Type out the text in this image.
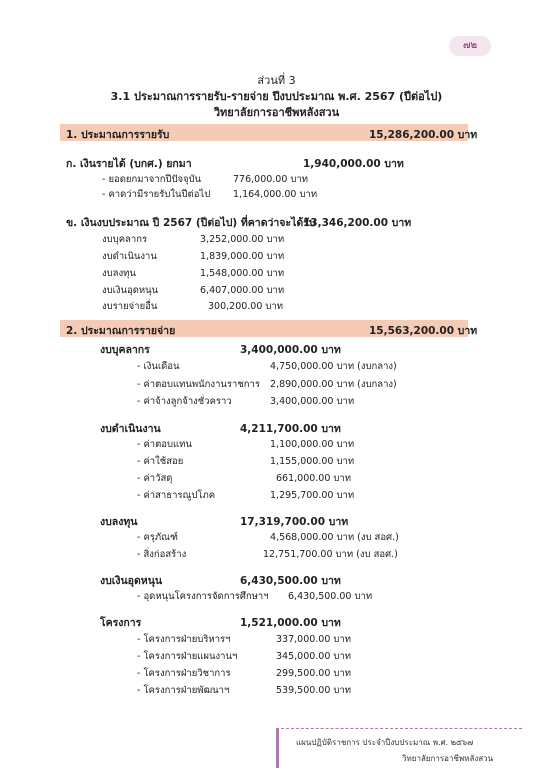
๗๒
ส่วนที่ 3
3.1 ประมาณการรายรับ-รายจ่าย ปีงบประมาณ พ.ศ. 2567 (ปีต่อไป)
วิทยาลัยการอาชีพหลังสวน
1. ประมาณการรายรับ	15,286,200.00 บาท
ก. เงินรายได้ (บกศ.) ยกมา	1,940,000.00 บาท
- ยอดยกมาจากปีปัจจุบัน	776,000.00 บาท
- คาดว่ามีรายรับในปีต่อไป 1,164,000.00 บาท
ข. เงินงบประมาณ ปี 2567 (ปีต่อไป) ที่คาดว่าจะได้รับ
13,346,200.00 บาท
งบบุคลากร	3,252,000.00 บาท
งบดำเนินงาน	1,839,000.00 บาท
งบลงทุน	1,548,000.00 บาท
งบเงินอุดหนุน	6,407,000.00 บาท
งบรายจ่ายอื่น	300,200.00 บาท
2. ประมาณการรายจ่าย	15,563,200.00 บาท
งบบุคลากร	3,400,000.00 บาท
- เงินเดือน	4,750,000.00 บาท (งบกลาง)
- ค่าตอบแทนพนักงานราชการ 2,890,000.00 บาท (งบกลาง)
- ค่าจ้างลูกจ้างชั่วคราว	3,400,000.00 บาท
งบดำเนินงาน	4,211,700.00 บาท
- ค่าตอบแทน	1,100,000.00 บาท
- ค่าใช้สอย	1,155,000.00 บาท
- ค่าวัสดุ	661,000.00 บาท
- ค่าสาธารณูปโภค	1,295,700.00 บาท
งบลงทุน	17,319,700.00 บาท
- ครุภัณฑ์	4,568,000.00 บาท (งบ สอศ.)
- สิ่งก่อสร้าง	12,751,700.00 บาท (งบ สอศ.)
งบเงินอุดหนุน	6,430,500.00 บาท
- อุดหนุนโครงการจัดการศึกษาฯ 6,430,500.00 บาท
โครงการ	1,521,000.00 บาท
- โครงการฝ่ายบริหารฯ	337,000.00 บาท
- โครงการฝ่ายแผนงานฯ	345,000.00 บาท
- โครงการฝ่ายวิชาการ	299,500.00 บาท
- โครงการฝ่ายพัฒนาฯ	539,500.00 บาท
แผนปฏิบัติราชการ ประจำปีงบประมาณ พ.ศ. ๒๕๖๗
วิทยาลัยการอาชีพหลังสวน
